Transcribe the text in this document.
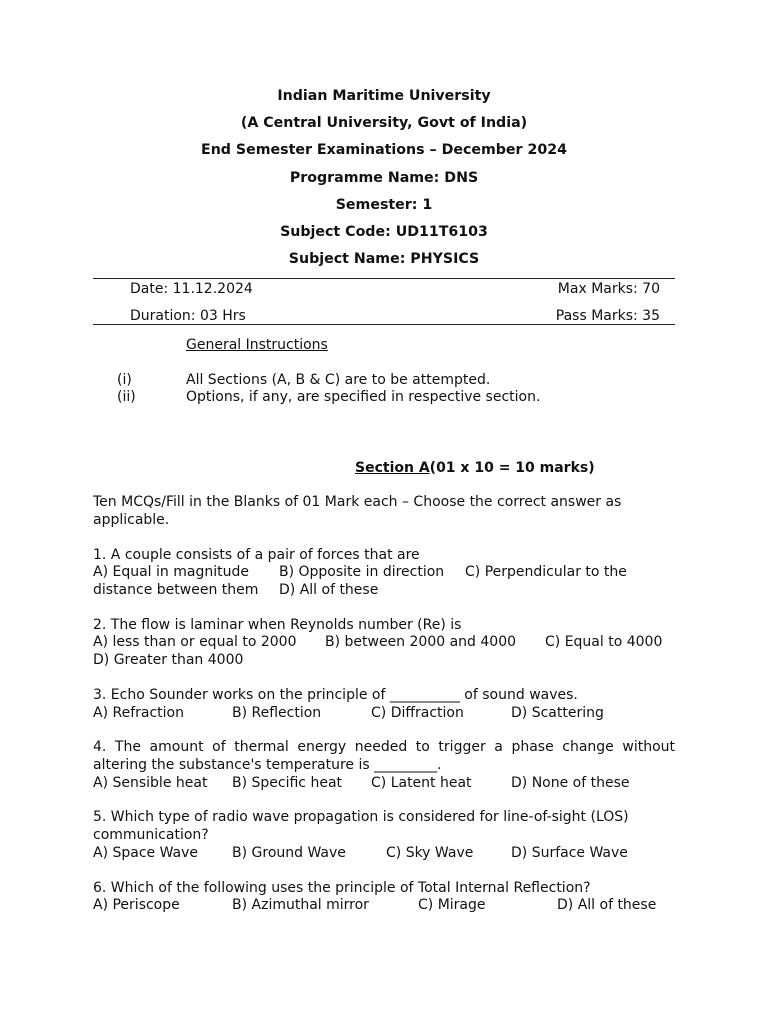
Indian Maritime University
(A Central University, Govt of India)
End Semester Examinations – December 2024
Programme Name: DNS
Semester: 1
Subject Code: UD11T6103
Subject Name: PHYSICS
Date: 11.12.2024	Max Marks: 70
Duration: 03 Hrs	Pass Marks: 35
General Instructions
(i)	All Sections (A, B & C) are to be attempted.
(ii)	Options, if any, are specified in respective section.
Section A(01 x 10 = 10 marks)
Ten MCQs/Fill in the Blanks of 01 Mark each – Choose the correct answer as applicable.
1. A couple consists of a pair of forces that are
A) Equal in magnitude B) Opposite in direction C) Perpendicular to the
distance between them D) All of these
2. The flow is laminar when Reynolds number (Re) is
A) less than or equal to 2000 B) between 2000 and 4000 C) Equal to 4000
D) Greater than 4000
3. Echo Sounder works on the principle of __________ of sound waves.
A) Refraction	B) Reflection	C) Diffraction	D) Scattering
4. The amount of thermal energy needed to trigger a phase change without altering the substance's temperature is _________.
A) Sensible heat B) Specific heat C) Latent heat	D) None of these
5. Which type of radio wave propagation is considered for line-of-sight (LOS) communication?
A) Space Wave B) Ground Wave	C) Sky Wave	D) Surface Wave
6. Which of the following uses the principle of Total Internal Reflection?
A) Periscope	B) Azimuthal mirror	C) Mirage	D) All of these
